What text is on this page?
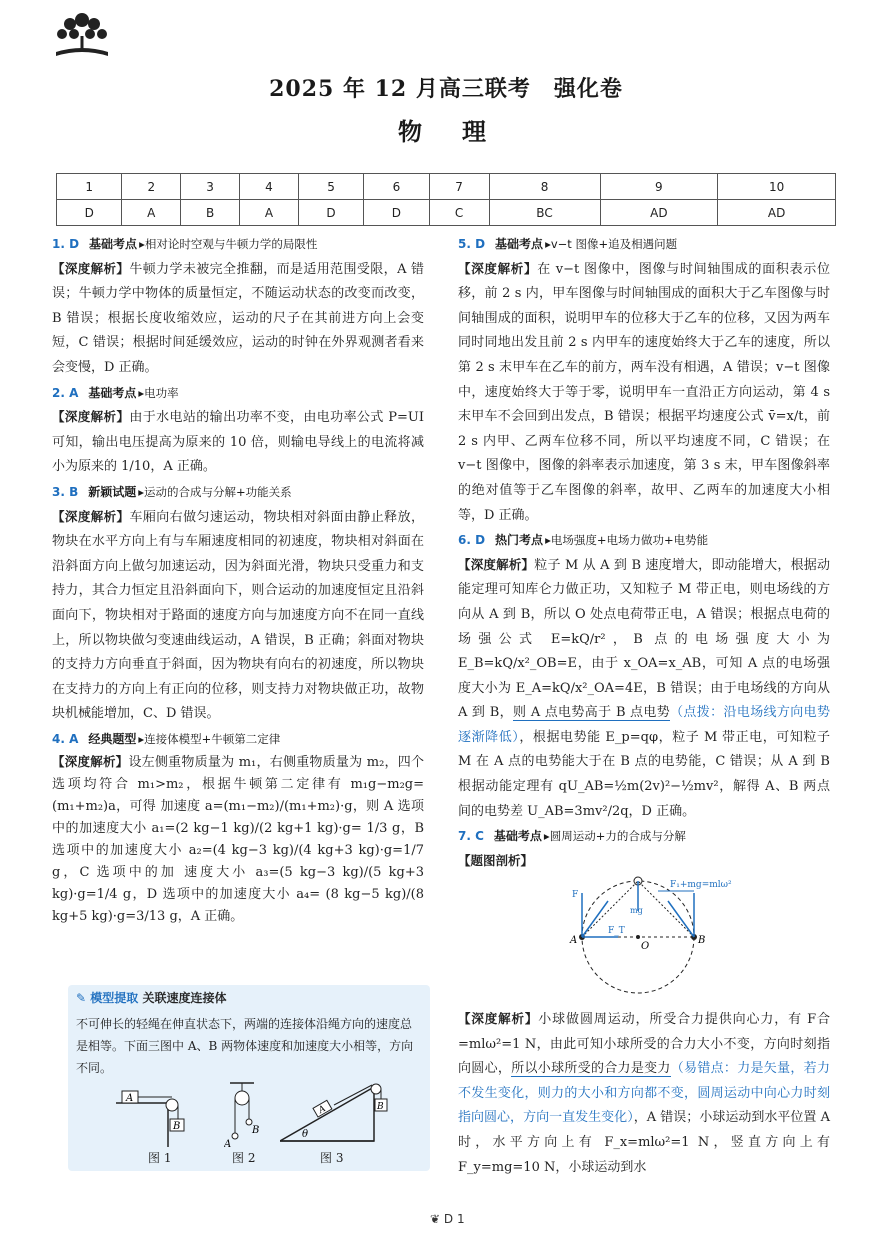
2025 年 12 月高三联考　强化卷
物　理
1	2	3	4	5	6	7	8	9	10
D	A	B	A	D	D	C	BC	AD	AD
1. D 基础考点 ▸相对论时空观与牛顿力学的局限性

【深度解析】牛顿力学未被完全推翻，而是适用范围受限，A 错误；牛顿力学中物体的质量恒定，不随运动状态的改变而改变，B 错误；根据长度收缩效应，运动的尺子在其前进方向上会变短，C 错误；根据时间延缓效应，运动的时钟在外界观测者看来会变慢，D 正确。

2. A 基础考点 ▸电功率

【深度解析】由于水电站的输出功率不变，由电功率公式 P=UI 可知，输出电压提高为原来的 10 倍，则输电导线上的电流将减小为原来的 1/10，A 正确。

3. B 新颖试题 ▸运动的合成与分解+功能关系

【深度解析】车厢向右做匀速运动，物块相对斜面由静止释放，物块在水平方向上有与车厢速度相同的初速度，物块相对斜面在沿斜面方向上做匀加速运动，因为斜面光滑，物块只受重力和支持力，其合力恒定且沿斜面向下，则合运动的加速度恒定且沿斜面向下，物块相对于路面的速度方向与加速度方向不在同一直线上，所以物块做匀变速曲线运动，A 错误，B 正确；斜面对物块的支持力方向垂直于斜面，因为物块有向右的初速度，所以物块在支持力的方向上有正向的位移，则支持力对物块做正功，故物块机械能增加，C、D 错误。

4. A 经典题型 ▸连接体模型+牛顿第二定律

【深度解析】设左侧重物质量为 m₁，右侧重物质量为 m₂，四个选项均符合 m₁>m₂，根据牛顿第二定律有 m₁g−m₂g=(m₁+m₂)a，可得 加速度 a=(m₁−m₂)/(m₁+m₂)·g，则 A 选项中的加速度大小 a₁=(2 kg−1 kg)/(2 kg+1 kg)·g= 1/3 g，B 选项中的加速度大小 a₂=(4 kg−3 kg)/(4 kg+3 kg)·g=1/7 g，C 选项中的加 速度大小 a₃=(5 kg−3 kg)/(5 kg+3 kg)·g=1/4 g，D 选项中的加速度大小 a₄= (8 kg−5 kg)/(8 kg+5 kg)·g=3/13 g，A 正确。

✎ 模型提取 关联速度连接体
不可伸长的轻绳在伸直状态下，两端的连接体沿绳方向的速度总是相等。下面三图中 A、B 两物体速度和加速度大小相等，方向不同。
A
B
图 1
A
B
图 2
A	B
θ
图 3
5. D 基础考点 ▸v−t 图像+追及相遇问题

【深度解析】在 v−t 图像中，图像与时间轴围成的面积表示位移，前 2 s 内，甲车图像与时间轴围成的面积大于乙车图像与时间轴围成的面积，说明甲车的位移大于乙车的位移，又因为两车同时同地出发且前 2 s 内甲车的速度始终大于乙车的速度，所以第 2 s 末甲车在乙车的前方，两车没有相遇，A 错误；v−t 图像中，速度始终大于等于零，说明甲车一直沿正方向运动，第 4 s 末甲车不会回到出发点，B 错误；根据平均速度公式 v̄=x/t，前 2 s 内甲、乙两车位移不同，所以平均速度不同，C 错误；在 v−t 图像中，图像的斜率表示加速度，第 3 s 末，甲车图像斜率的绝对值等于乙车图像的斜率，故甲、乙两车的加速度大小相等，D 正确。

6. D 热门考点 ▸电场强度+电场力做功+电势能

【深度解析】粒子 M 从 A 到 B 速度增大，即动能增大，根据动能定理可知库仑力做正功，又知粒子 M 带正电，则电场线的方向从 A 到 B，所以 O 处点电荷带正电，A 错误；根据点电荷的场强公式 E=kQ/r²，B 点的电场强度大小为 E_B=kQ/x²_OB=E，由于 x_OA=x_AB，可知 A 点的电场强度大小为 E_A=kQ/x²_OA=4E，B 错误；由于电场线的方向从 A 到 B，则 A 点电势高于 B 点电势（点拨：沿电场线方向电势逐渐降低），根据电势能 E_p=qφ，粒子 M 带正电，可知粒子 M 在 A 点的电势能大于在 B 点的电势能，C 错误；从 A 到 B 根据动能定理有 qU_AB=½m(2v)²−½mv²，解得 A、B 两点间的电势差 U_AB=3mv²/2q，D 正确。

7. C 基础考点 ▸圆周运动+力的合成与分解
【题图剖析】
F₁+mg=mlω²
A	B
O
F
F_T
mg

【深度解析】小球做圆周运动，所受合力提供向心力，有 F合=mlω²=1 N，由此可知小球所受的合力大小不变，方向时刻指向圆心，所以小球所受的合力是变力（易错点：力是矢量，若力不发生变化，则力的大小和方向都不变，圆周运动中向心力时刻指向圆心，方向一直发生变化），A 错误；小球运动到水平位置 A 时，水平方向上有 F_x=mlω²=1 N，竖直方向上有 F_y=mg=10 N，小球运动到水

❦ D 1
